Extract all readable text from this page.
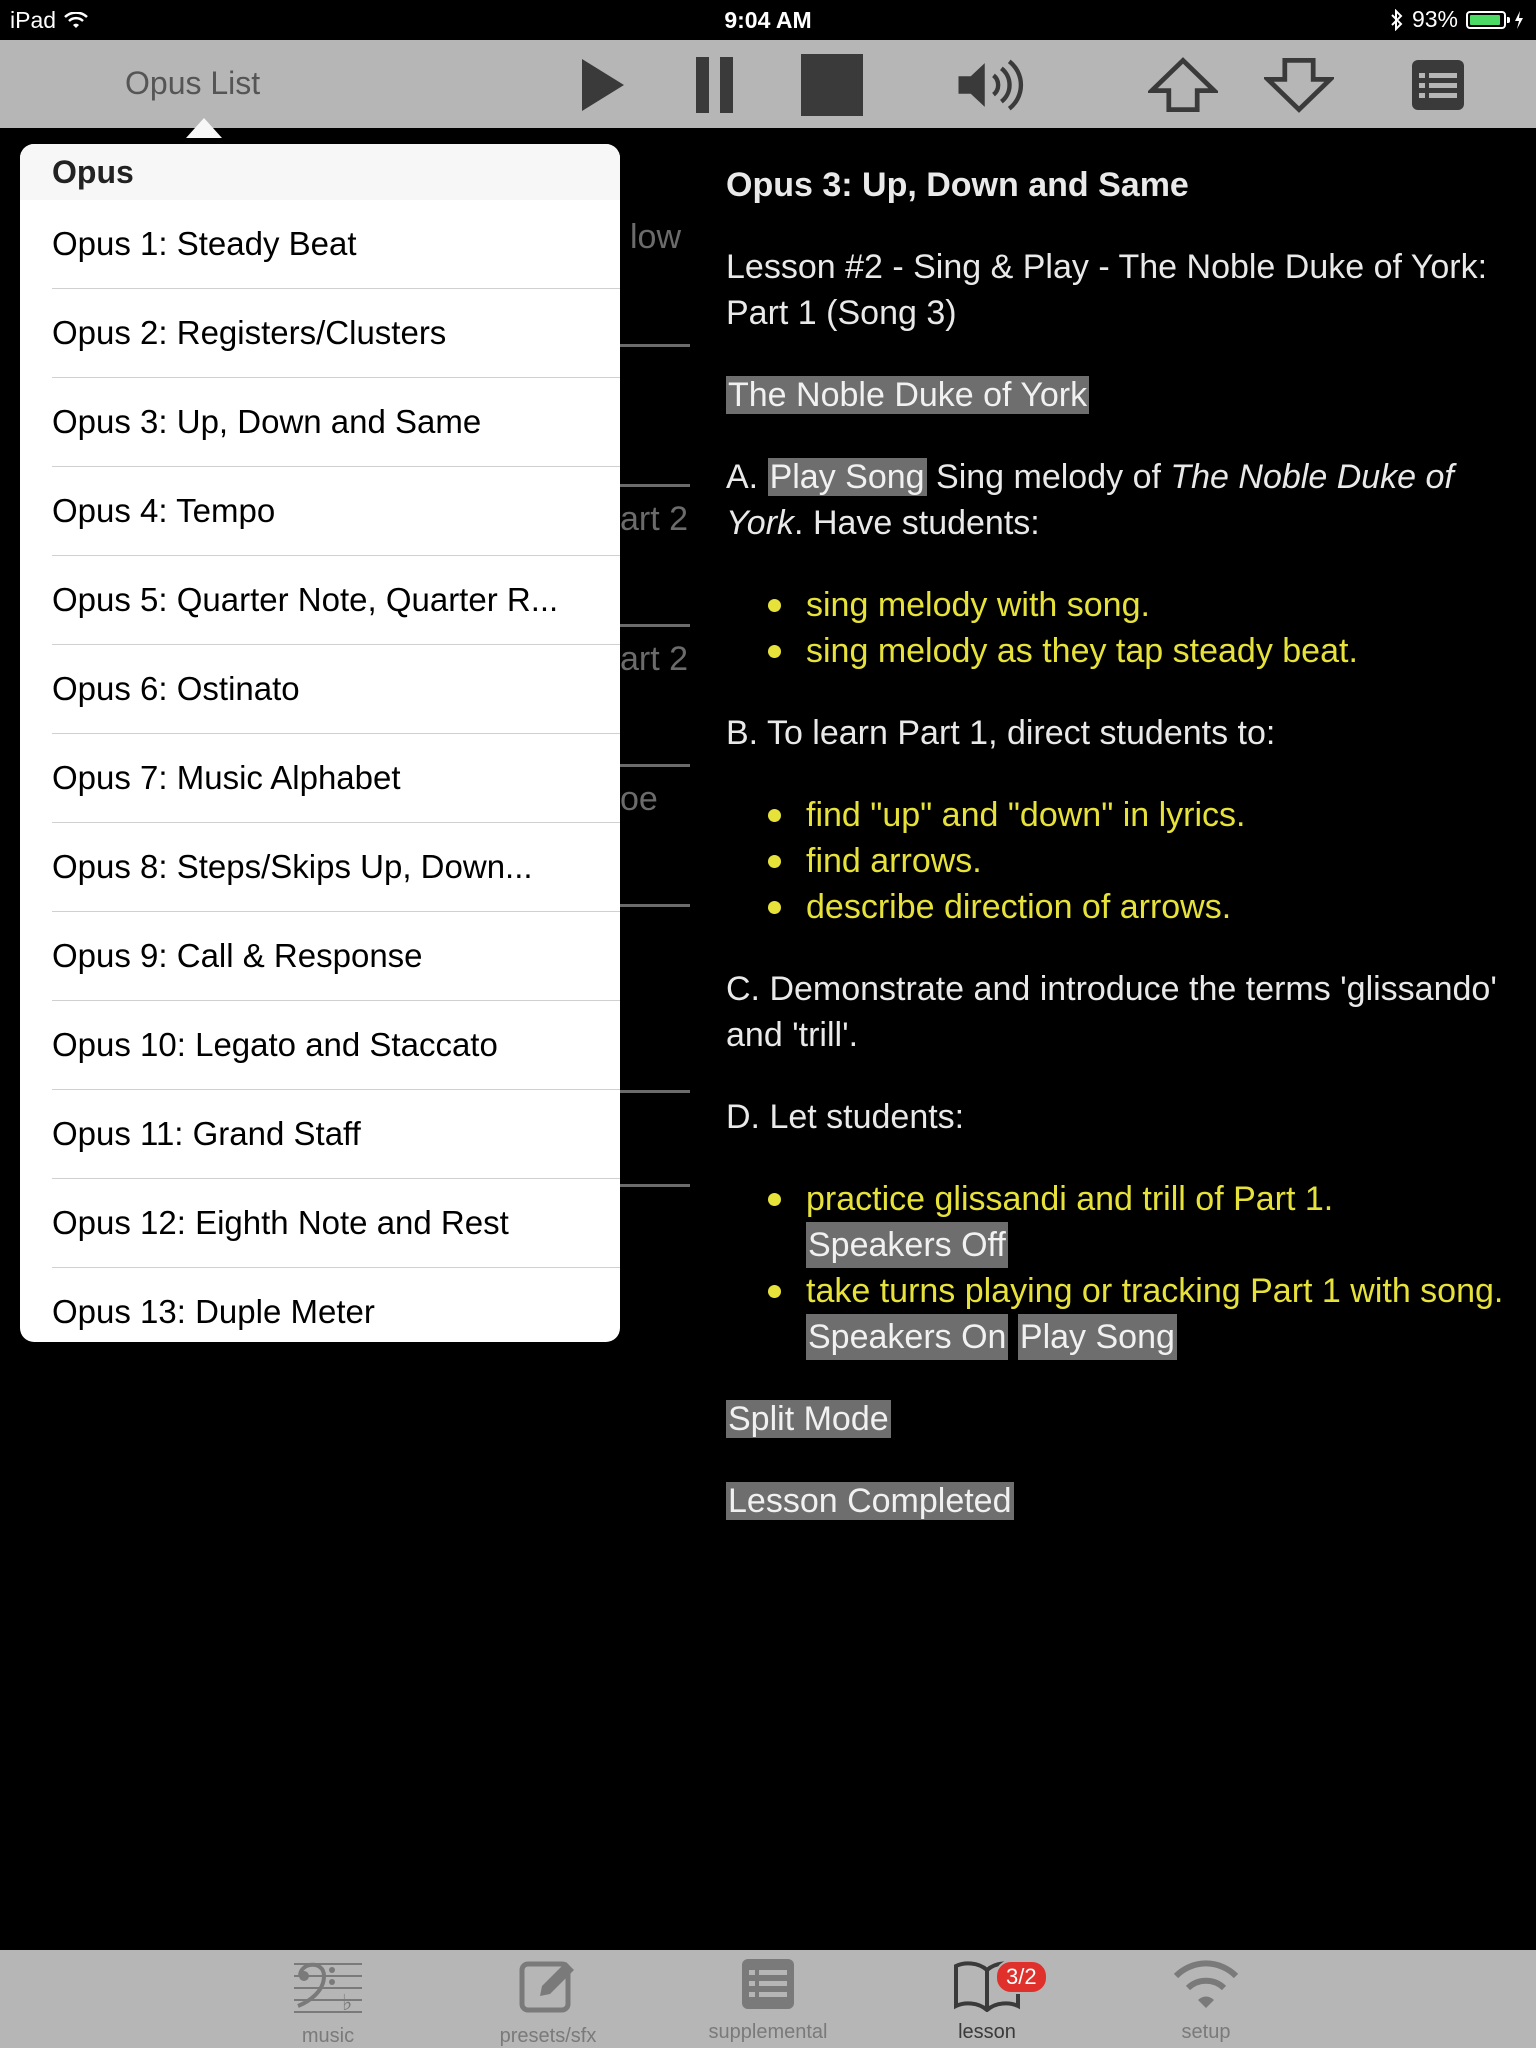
iPad	9:04 AM	93%
Opus List
low
art 2
art 2
oe

Opus 3: Up, Down and Same

Lesson #2 - Sing & Play - The Noble Duke of York: Part 1 (Song 3)

The Noble Duke of York

A. Play Song Sing melody of The Noble Duke of York. Have students:

sing melody with song.
sing melody as they tap steady beat.

B. To learn Part 1, direct students to:

find "up" and "down" in lyrics.
find arrows.
describe direction of arrows.

C. Demonstrate and introduce the terms 'glissando' and 'trill'.

D. Let students:

practice glissandi and trill of Part 1.
Speakers Off
take turns playing or tracking Part 1 with song.
Speakers On Play Song

Split Mode

Lesson Completed

Opus
Opus 1: Steady Beat
Opus 2: Registers/Clusters
Opus 3: Up, Down and Same
Opus 4: Tempo
Opus 5: Quarter Note, Quarter R...
Opus 6: Ostinato
Opus 7: Music Alphabet
Opus 8: Steps/Skips Up, Down...
Opus 9: Call & Response
Opus 10: Legato and Staccato
Opus 11: Grand Staff
Opus 12: Eighth Note and Rest
Opus 13: Duple Meter
♭
music	presets/sfx	supplemental
3/2
lesson	setup
